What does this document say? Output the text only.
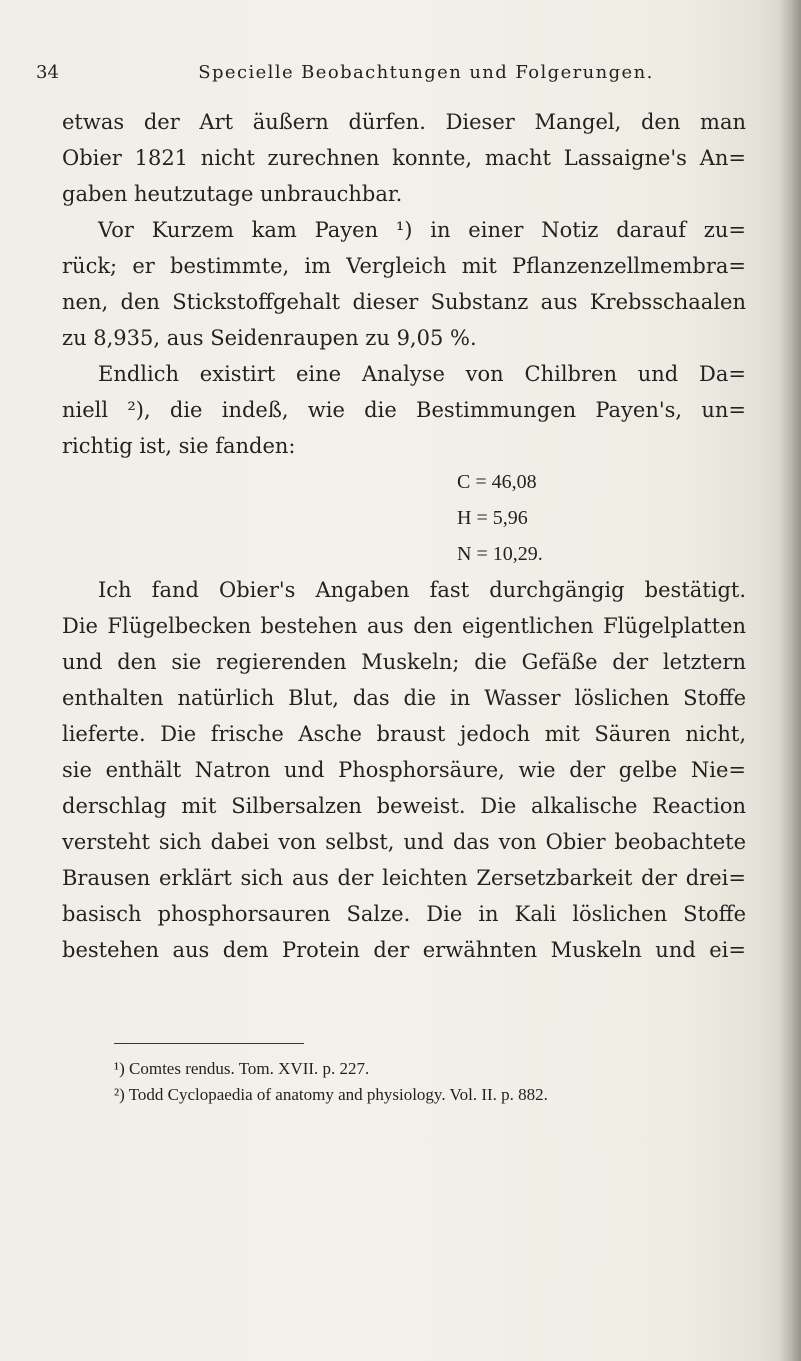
34	Specielle Beobachtungen und Folgerungen.
etwas der Art äußern dürfen. Dieser Mangel, den man
Obier 1821 nicht zurechnen konnte, macht Lassaigne's An=
gaben heutzutage unbrauchbar.
Vor Kurzem kam Payen ¹) in einer Notiz darauf zu=
rück; er bestimmte, im Vergleich mit Pflanzenzellmembra=
nen, den Stickstoffgehalt dieser Substanz aus Krebsschaalen
zu 8,935, aus Seidenraupen zu 9,05 %.
Endlich existirt eine Analyse von Chilbren und Da=
niell ²), die indeß, wie die Bestimmungen Payen's, un=
richtig ist, sie fanden:
C = 46,08
H = 5,96
N = 10,29.
Ich fand Obier's Angaben fast durchgängig bestätigt.
Die Flügelbecken bestehen aus den eigentlichen Flügelplatten
und den sie regierenden Muskeln; die Gefäße der letztern
enthalten natürlich Blut, das die in Wasser löslichen Stoffe
lieferte. Die frische Asche braust jedoch mit Säuren nicht,
sie enthält Natron und Phosphorsäure, wie der gelbe Nie=
derschlag mit Silbersalzen beweist. Die alkalische Reaction
versteht sich dabei von selbst, und das von Obier beobachtete
Brausen erklärt sich aus der leichten Zersetzbarkeit der drei=
basisch phosphorsauren Salze. Die in Kali löslichen Stoffe
bestehen aus dem Protein der erwähnten Muskeln und ei=
¹) Comtes rendus. Tom. XVII. p. 227.
²) Todd Cyclopaedia of anatomy and physiology. Vol. II. p. 882.
